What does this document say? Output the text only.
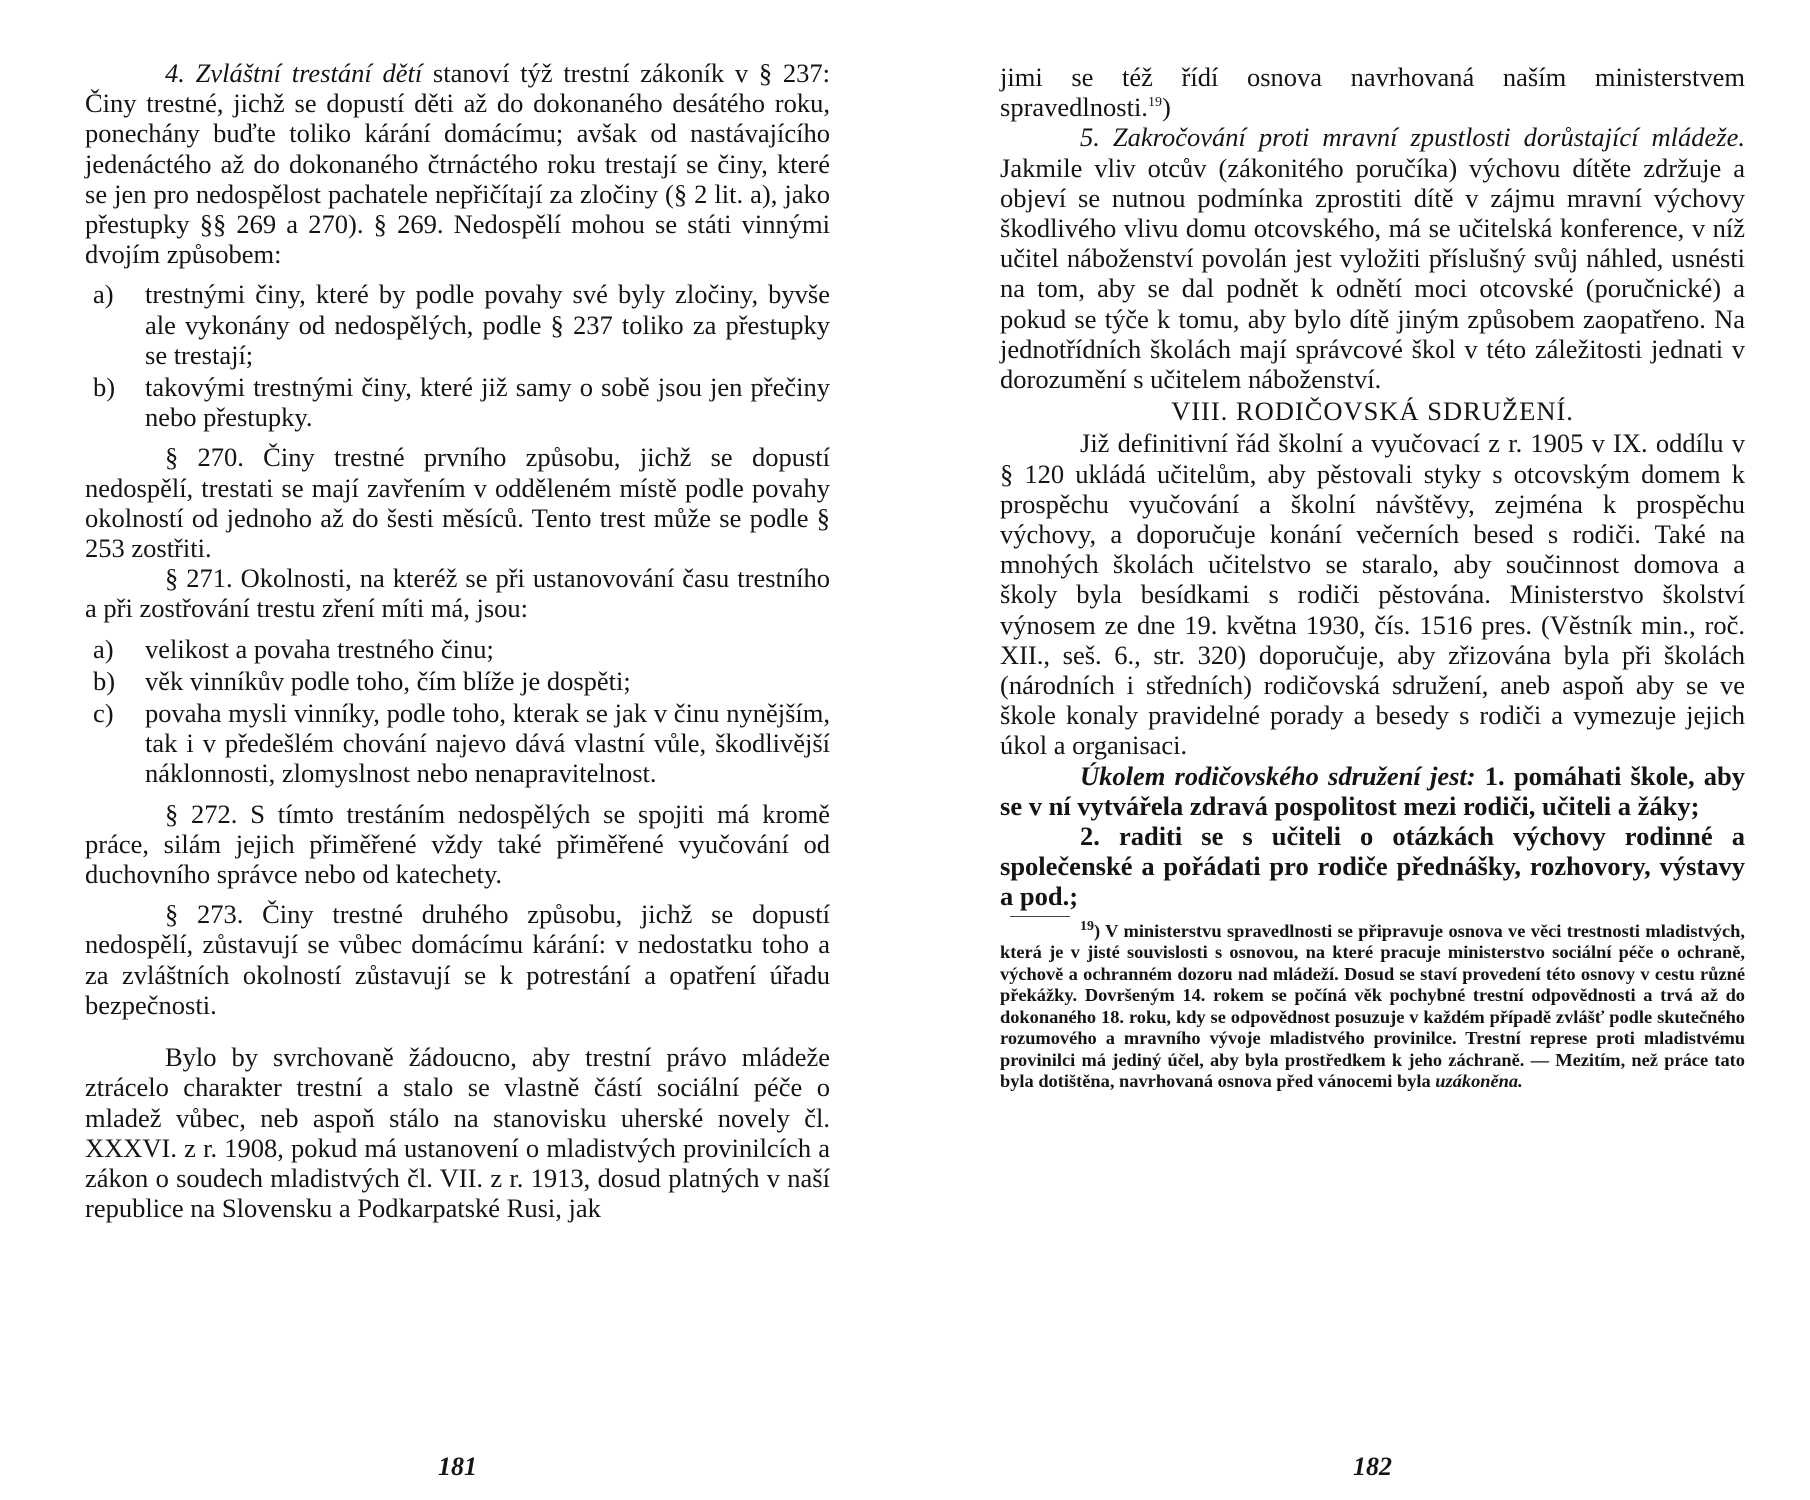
4. Zvláštní trestání dětí stanoví týž trestní zákoník v § 237: Činy trestné, jichž se dopustí děti až do dokonaného desátého roku, ponechány buďte toliko kárání domácímu; avšak od nastávajícího jedenáctého až do dokonaného čtrnáctého roku trestají se činy, které se jen pro nedospělost pachatele nepřičítají za zločiny (§ 2 lit. a), jako přestupky §§ 269 a 270). § 269. Nedospělí mohou se státi vinnými dvojím způsobem:

a)	trestnými činy, které by podle povahy své byly zločiny, byvše ale vykonány od nedospělých, podle § 237 toliko za přestupky se trestají;
b)	takovými trestnými činy, které již samy o sobě jsou jen přečiny nebo přestupky.

§ 270. Činy trestné prvního způsobu, jichž se dopustí nedospělí, trestati se mají zavřením v odděleném místě podle povahy okolností od jednoho až do šesti měsíců. Tento trest může se podle § 253 zostřiti.

§ 271. Okolnosti, na kteréž se při ustanovování času trestního a při zostřování trestu zření míti má, jsou:

a)	velikost a povaha trestného činu;
b)	věk vinníkův podle toho, čím blíže je dospěti;
c)	povaha mysli vinníky, podle toho, kterak se jak v činu nynějším, tak i v předešlém chování najevo dává vlastní vůle, škodlivější náklonnosti, zlomyslnost nebo nenapravitelnost.

§ 272. S tímto trestáním nedospělých se spojiti má kromě práce, silám jejich přiměřené vždy také přiměřené vyučování od duchovního správce nebo od katechety.

§ 273. Činy trestné druhého způsobu, jichž se dopustí nedospělí, zůstavují se vůbec domácímu kárání: v nedostatku toho a za zvláštních okolností zůstavují se k potrestání a opatření úřadu bezpečnosti.

Bylo by svrchovaně žádoucno, aby trestní právo mládeže ztrácelo charakter trestní a stalo se vlastně částí sociální péče o mladež vůbec, neb aspoň stálo na stanovisku uherské novely čl. XXXVI. z r. 1908, pokud má ustanovení o mladistvých provinilcích a zákon o soudech mladistvých čl. VII. z r. 1913, dosud platných v naší republice na Slovensku a Podkarpatské Rusi, jak

181

jimi se též řídí osnova navrhovaná naším ministerstvem spravedlnosti.$^{19}$)

5. Zakročování proti mravní zpustlosti dorůstající mládeže. Jakmile vliv otcův (zákonitého poručíka) výchovu dítěte zdržuje a objeví se nutnou podmínka zprostiti dítě v zájmu mravní výchovy škodlivého vlivu domu otcovského, má se učitelská konference, v níž učitel náboženství povolán jest vyložiti příslušný svůj náhled, usnésti na tom, aby se dal podnět k odnětí moci otcovské (poručnické) a pokud se týče k tomu, aby bylo dítě jiným způsobem zaopatřeno. Na jednotřídních školách mají správcové škol v této záležitosti jednati v dorozumění s učitelem náboženství.

VIII. RODIČOVSKÁ SDRUŽENÍ.

Již definitivní řád školní a vyučovací z r. 1905 v IX. oddílu v § 120 ukládá učitelům, aby pěstovali styky s otcovským domem k prospěchu vyučování a školní návštěvy, zejména k prospěchu výchovy, a doporučuje konání večerních besed s rodiči. Také na mnohých školách učitelstvo se staralo, aby součinnost domova a školy byla besídkami s rodiči pěstována. Ministerstvo školství výnosem ze dne 19. května 1930, čís. 1516 pres. (Věstník min., roč. XII., seš. 6., str. 320) doporučuje, aby zřizována byla při školách (národních i středních) rodičovská sdružení, aneb aspoň aby se ve škole konaly pravidelné porady a besedy s rodiči a vymezuje jejich úkol a organisaci.

Úkolem rodičovského sdružení jest: 1. pomáhati škole, aby se v ní vytvářela zdravá pospolitost mezi rodiči, učiteli a žáky;

2. raditi se s učiteli o otázkách výchovy rodinné a společenské a pořádati pro rodiče přednášky, rozhovory, výstavy a pod.;

$^{19}$) V ministerstvu spravedlnosti se připravuje osnova ve věci trestnosti mladistvých, která je v jisté souvislosti s osnovou, na které pracuje ministerstvo sociální péče o ochraně, výchově a ochranném dozoru nad mládeží. Dosud se staví provedení této osnovy v cestu různé překážky. Dovršeným 14. rokem se počíná věk pochybné trestní odpovědnosti a trvá až do dokonaného 18. roku, kdy se odpovědnost posuzuje v každém případě zvlášť podle skutečného rozumového a mravního vývoje mladistvého provinilce. Trestní represe proti mladistvému provinilci má jediný účel, aby byla prostředkem k jeho záchraně. — Mezitím, než práce tato byla dotištěna, navrhovaná osnova před vánocemi byla uzákoněna.

182
